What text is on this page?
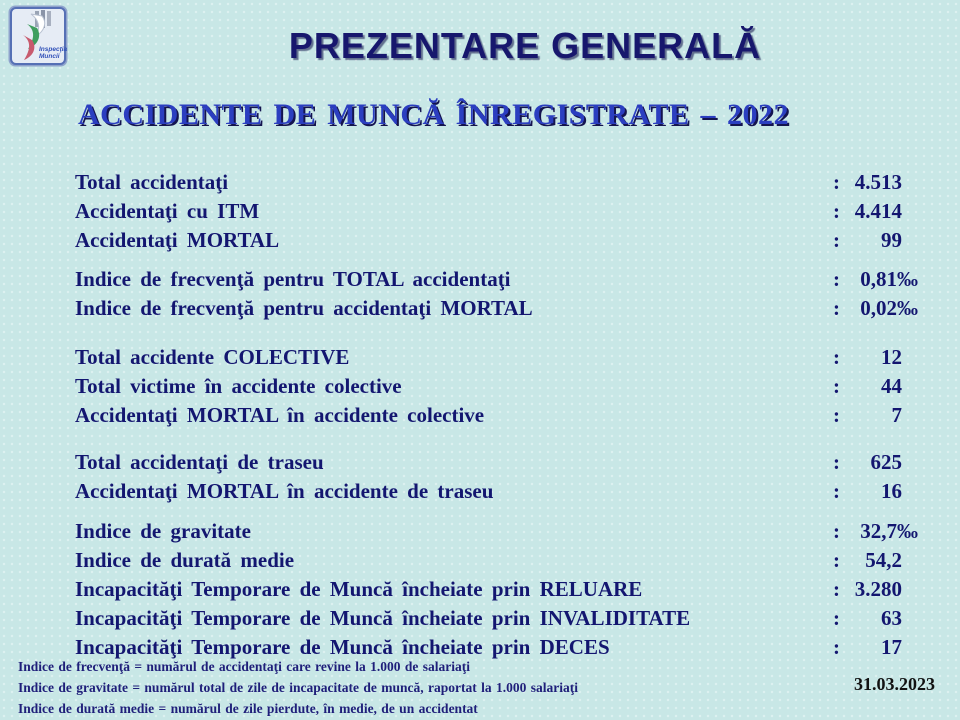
Inspecţia
Muncii	PREZENTARE GENERALĂ
ACCIDENTE DE MUNCĂ ÎNREGISTRATE – 2022
Total accidentaţi	: 4.513
Accidentaţi cu ITM	: 4.414
Accidentaţi MORTAL	:	99
Indice de frecvenţă pentru TOTAL accidentaţi	: 0,81‰
Indice de frecvenţă pentru accidentaţi MORTAL	: 0,02‰
Total accidente COLECTIVE	:	12
Total victime în accidente colective	:	44
Accidentaţi MORTAL în accidente colective	:	7
Total accidentaţi de traseu	:	625
Accidentaţi MORTAL în accidente de traseu	:	16
Indice de gravitate	: 32,7‰
Indice de durată medie	:	54,2
Incapacităţi Temporare de Muncă încheiate prin RELUARE	: 3.280
Incapacităţi Temporare de Muncă încheiate prin INVALIDITATE	:	63
Incapacităţi Temporare de Muncă încheiate prin DECES	:	17
Indice de frecvenţă = numărul de accidentaţi care revine la 1.000 de salariaţi
Indice de gravitate = numărul total de zile de incapacitate de muncă, raportat la 1.000 salariaţi
Indice de durată medie = numărul de zile pierdute, în medie, de un accidentat
31.03.2023
